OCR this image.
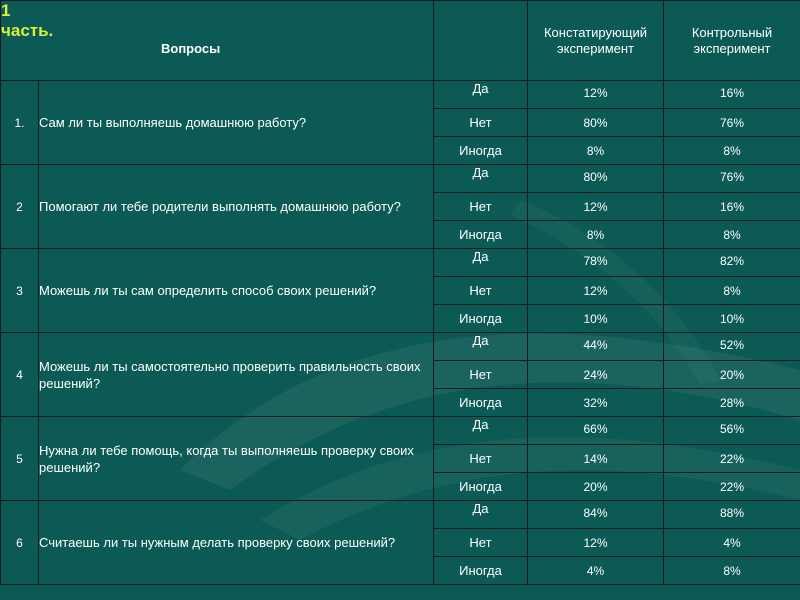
1
часть.
Вопросы			Констатирующий эксперимент	Контрольный эксперимент
1.	Сам ли ты выполняешь домашнюю работу?	Да	12%	16%
		Нет	80%	76%
		Иногда	8%	8%
2	Помогают ли тебе родители выполнять домашнюю работу?	Да	80%	76%
		Нет	12%	16%
		Иногда	8%	8%
3	Можешь ли ты сам определить способ своих решений?	Да	78%	82%
		Нет	12%	8%
		Иногда	10%	10%
4	Можешь ли ты самостоятельно проверить правильность своих решений?	Да	44%	52%
		Нет	24%	20%
		Иногда	32%	28%
5	Нужна ли тебе помощь, когда ты выполняешь проверку своих решений?	Да	66%	56%
		Нет	14%	22%
		Иногда	20%	22%
6	Считаешь ли ты нужным делать проверку своих решений?	Да	84%	88%
		Нет	12%	4%
		Иногда	4%	8%
